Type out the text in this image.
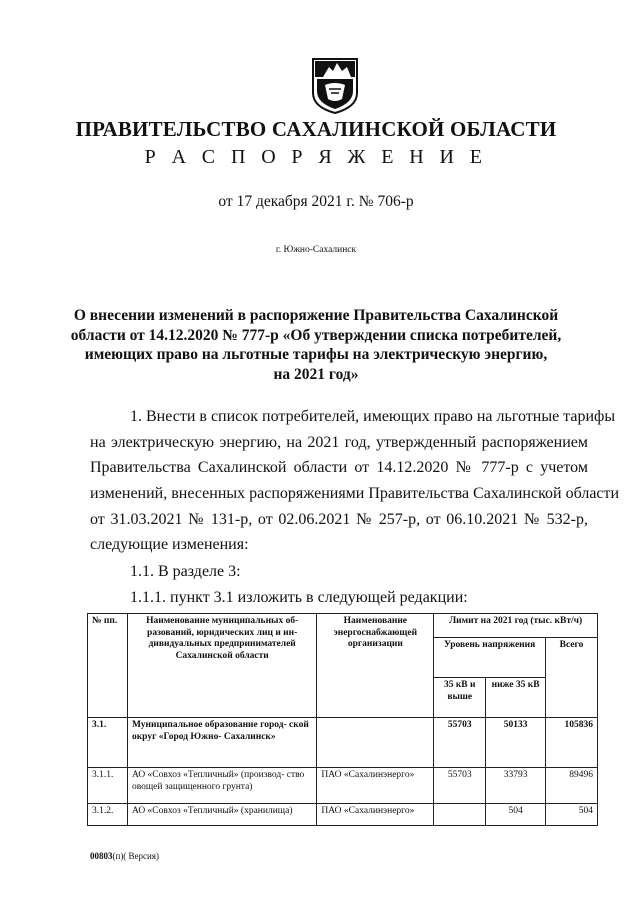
ПРАВИТЕЛЬСТВО САХАЛИНСКОЙ ОБЛАСТИ
Р А С П О Р Я Ж Е Н И Е
от 17 декабря 2021 г. № 706-р
г. Южно-Сахалинск
О внесении изменений в распоряжение Правительства Сахалинской
области от 14.12.2020 № 777-р «Об утверждении списка потребителей,
имеющих право на льготные тарифы на электрическую энергию,
на 2021 год»
1. Внести в список потребителей, имеющих право на льготные тарифы
на электрическую энергию, на 2021 год, утвержденный распоряжением
Правительства Сахалинской области от 14.12.2020 № 777-р с учетом
изменений, внесенных распоряжениями Правительства Сахалинской области
от 31.03.2021 № 131-р, от 02.06.2021 № 257-р, от 06.10.2021 № 532-р,
следующие изменения:
1.1. В разделе 3:
1.1.1. пункт 3.1 изложить в следующей редакции:
№ пп.	Наименование муниципальных об- разований, юридических лиц и ин- дивидуальных предпринимателей Сахалинской области	Наименование энергоснабжающей организации	Лимит на 2021 год (тыс. кВт/ч)		
			Уровень напряжения		Всего
			35 кВ и выше	ниже 35 кВ	
3.1.	Муниципальное образование город- ской округ «Город Южно- Сахалинск»		55703	50133	105836
3.1.1.	АО «Совхоз «Тепличный» (производ- ство овощей защищенного грунта)	ПАО «Сахалинэнерго»	55703	33793	89496
3.1.2.	АО «Совхоз «Тепличный» (хранилища)	ПАО «Сахалинэнерго»		504	504
00803(п)( Версия)
